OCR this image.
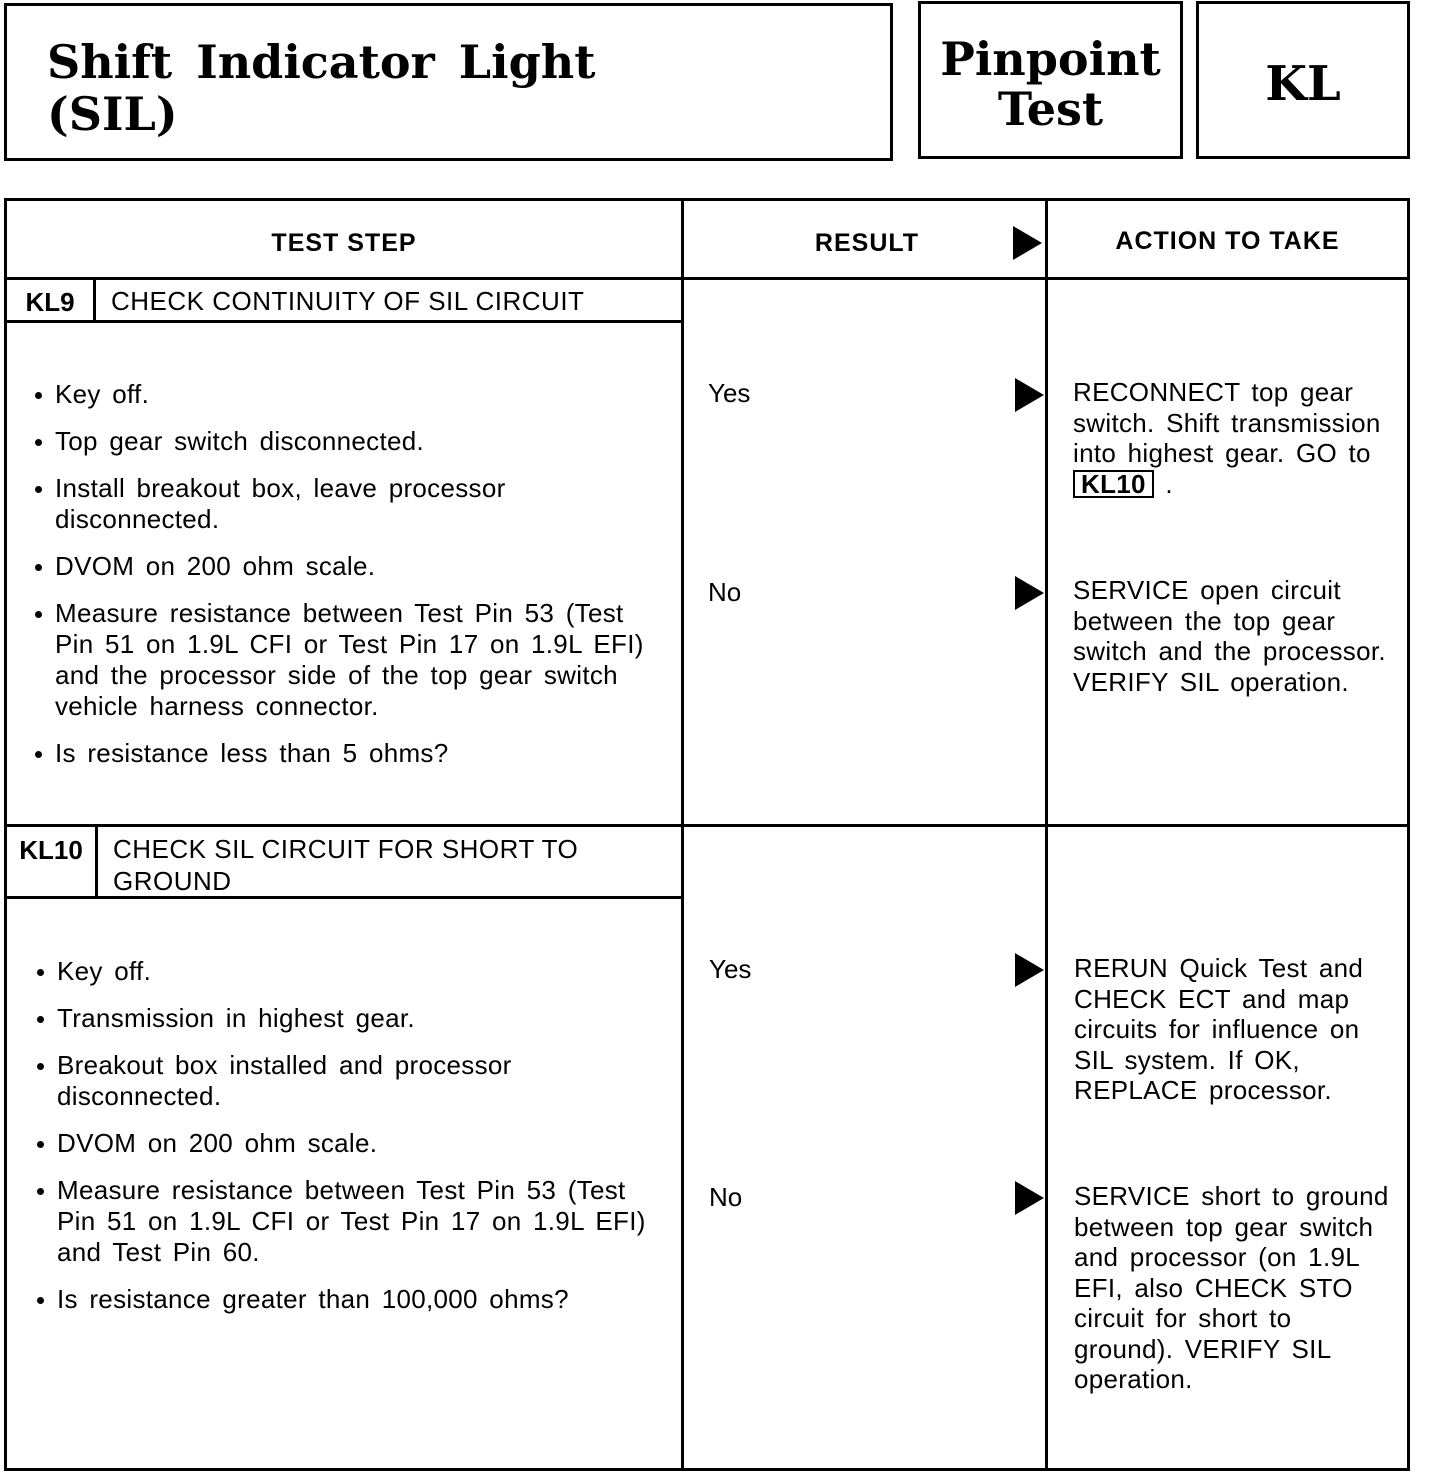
Shift Indicator Light
(SIL)
Pinpoint
Test	KL
TEST STEP	RESULT	ACTION TO TAKE
KL9	CHECK CONTINUITY OF SIL CIRCUIT
Key off.
Top gear switch disconnected.
Install breakout box, leave processor disconnected.
DVOM on 200 ohm scale.
Measure resistance between Test Pin 53 (Test Pin 51 on 1.9L CFI or Test Pin 17 on 1.9L EFI) and the processor side of the top gear switch vehicle harness connector.
Is resistance less than 5 ohms?
Yes	RECONNECT top gear switch. Shift transmission into highest gear. GO to KL10 .
No	SERVICE open circuit between the top gear switch and the processor. VERIFY SIL operation.
KL10	CHECK SIL CIRCUIT FOR SHORT TO GROUND
Key off.
Transmission in highest gear.
Breakout box installed and processor disconnected.
DVOM on 200 ohm scale.
Measure resistance between Test Pin 53 (Test Pin 51 on 1.9L CFI or Test Pin 17 on 1.9L EFI) and Test Pin 60.
Is resistance greater than 100,000 ohms?
Yes	RERUN Quick Test and CHECK ECT and map circuits for influence on SIL system. If OK, REPLACE processor.
No	SERVICE short to ground between top gear switch and processor (on 1.9L EFI, also CHECK STO circuit for short to ground). VERIFY SIL operation.
